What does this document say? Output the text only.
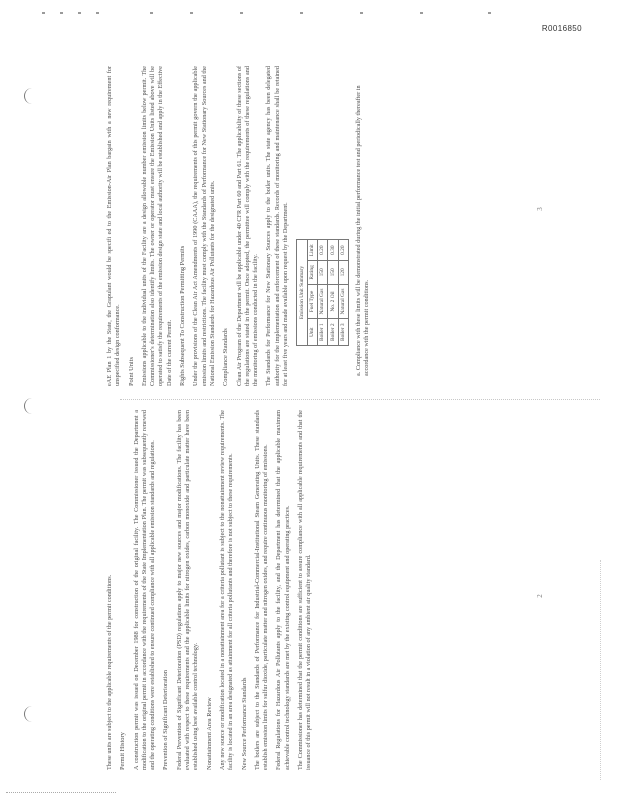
R0016850

eAE Plan 1 by the State, the Grapulant would be specifi ed to the Emission-Air Plan bargain with a new requirement for unspecified design conformance. Point Units Emissions applicable to the individual units of the Facility are a design allowable number emission limits below permit. The Commissioner's determination also identify limits. The owner or operator must ensure the Emission Units listed above will be operated to satisfy the requirements of the emission design state and local authority will be established and apply in the Effective Date of the current Permit. Rights Subsequent To Construction Permitting Permits Under the provisions of the Clean Air Act Amendments of 1990 (CAAA), the requirements of this permit govern the applicable emission limits and restrictions. The facility must comply with the Standards of Performance for New Stationary Sources and the National Emission Standards for Hazardous Air Pollutants for the designated units. Compliance Standards Clean Air Program of the Department will be applicable under 40 CFR Part 60 and Part 61. The applicability of these sections of the regulations are stated in the permit. Once adopted, the permittee will comply with the requirements of these regulations and the monitoring of emissions conducted in the facility. The Standards for Performance for New Stationary Sources apply to the boiler units. The state agency has been delegated authority for the implementation and enforcement of these standards. Records of monitoring and maintenance shall be retained for at least five years and made available upon request by the Department. Emission Unit Summary			
Unit	Fuel Type	Rating	Limit
Boiler 1	Natural Gas	150	0.20
Boiler 2	No. 2 Oil	150	0.30
Boiler 3	Natural Gas	120	0.20 a. Compliance with these limits will be demonstrated during the initial performance test and periodically thereafter in accordance with the permit conditions.

These units are subject to the applicable requirements of the permit conditions. Permit History A construction permit was issued on December 1988 for construction of the original facility. The Commissioner issued the Department a modification to the original permit in accordance with the requirements of the State Implementation Plan. The permit was subsequently renewed and the operating conditions were established to ensure continued compliance with all applicable emission standards and regulations. Prevention of Significant Deterioration Federal Prevention of Significant Deterioration (PSD) regulations apply to major new sources and major modifications. The facility has been evaluated with respect to these requirements and the applicable limits for nitrogen oxides, carbon monoxide and particulate matter have been established using best available control technology. Nonattainment Area Review Any new source or modification located in a nonattainment area for a criteria pollutant is subject to the nonattainment review requirements. The facility is located in an area designated as attainment for all criteria pollutants and therefore is not subject to these requirements. New Source Performance Standards The boilers are subject to the Standards of Performance for Industrial-Commercial-Institutional Steam Generating Units. These standards establish emission limits for sulfur dioxide, particulate matter and nitrogen oxides, and require continuous monitoring of emissions. Federal Regulations for Hazardous Air Pollutants apply to the facility, and the Department has determined that the applicable maximum achievable control technology standards are met by the existing control equipment and operating practices. The Commissioner has determined that the permit conditions are sufficient to assure compliance with all applicable requirements and that the issuance of this permit will not result in a violation of any ambient air quality standard.

3
2
